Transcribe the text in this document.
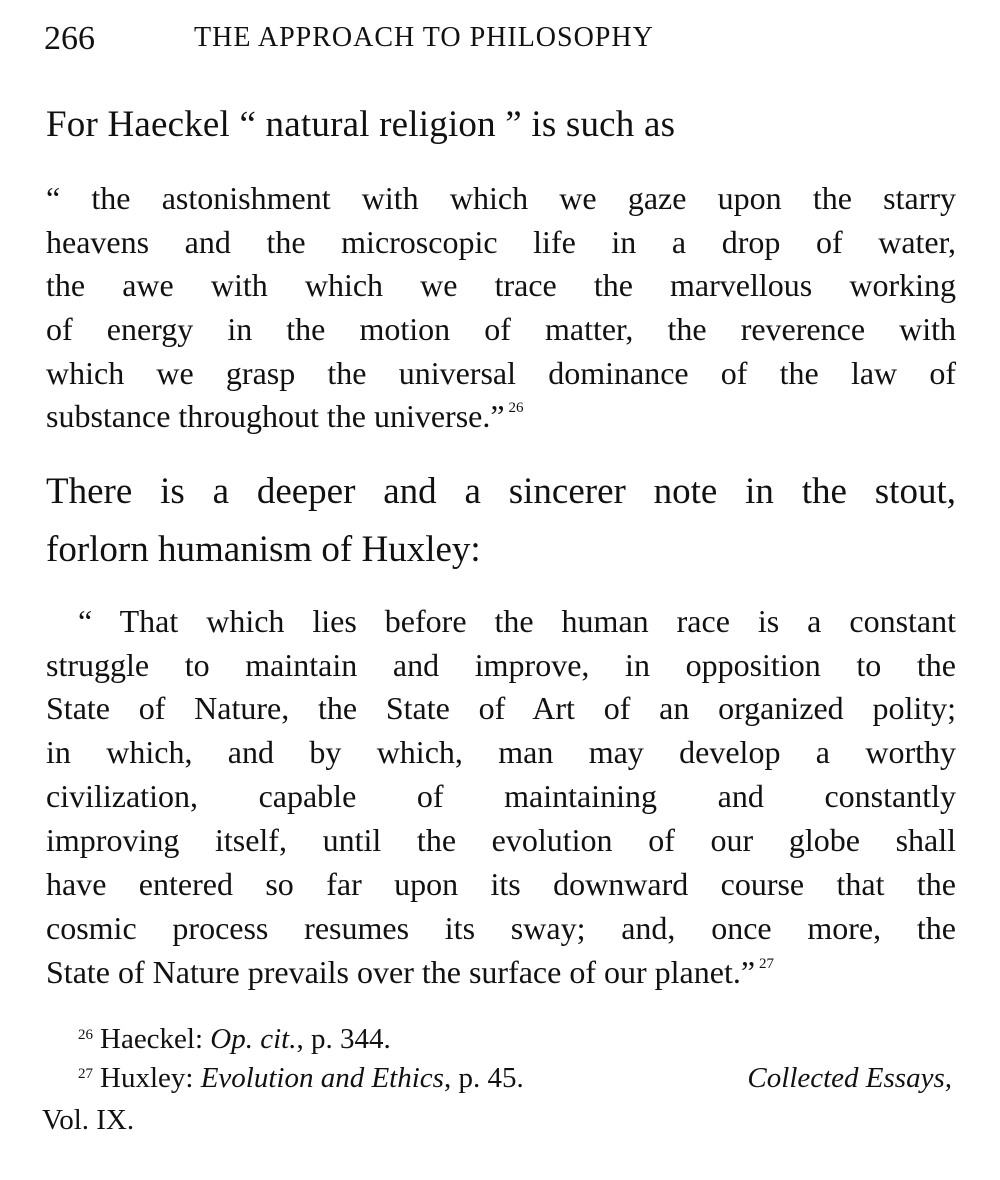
266	THE APPROACH TO PHILOSOPHY
For Haeckel “ natural religion ” is such as
“ the astonishment with which we gaze upon the starry
heavens and the microscopic life in a drop of water,
the awe with which we trace the marvellous working
of energy in the motion of matter, the reverence with
which we grasp the universal dominance of the law of
substance throughout the universe.” $^{26}$
There is a deeper and a sincerer note in the stout,
forlorn humanism of Huxley:
“ That which lies before the human race is a constant
struggle to maintain and improve, in opposition to the
State of Nature, the State of Art of an organized polity;
in which, and by which, man may develop a worthy
civilization, capable of maintaining and constantly
improving itself, until the evolution of our globe shall
have entered so far upon its downward course that the
cosmic process resumes its sway; and, once more, the
State of Nature prevails over the surface of our planet.” $^{27}$
$^{26}$ Haeckel: Op. cit., p. 344.
$^{27}$ Huxley: Evolution and Ethics, p. 45.	Collected Essays,
Vol. IX.
